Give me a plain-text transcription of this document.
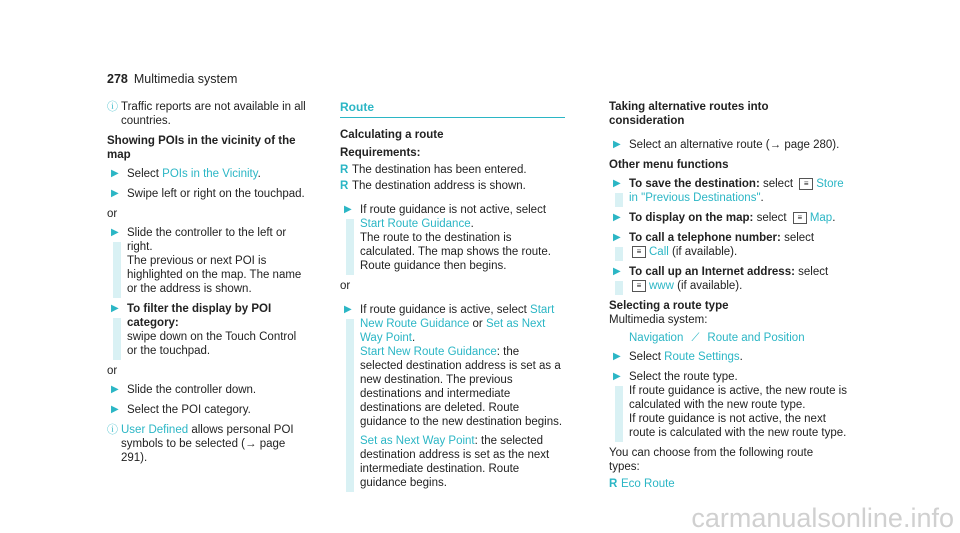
278 Multimedia system
ⓘ Traffic reports are not available in all countries.
Showing POIs in the vicinity of the map
▶ Select POIs in the Vicinity.
▶ Swipe left or right on the touchpad.
or
▶ Slide the controller to the left or right.
The previous or next POI is highlighted on the map. The name or the address is shown.
▶ To filter the display by POI category:
swipe down on the Touch Control or the touchpad.
or
▶ Slide the controller down.
▶ Select the POI category.
ⓘ User Defined allows personal POI symbols to be selected (→ page 291).
Route
Calculating a route
Requirements:
R The destination has been entered.
R The destination address is shown.
▶ If route guidance is not active, select Start Route Guidance.
The route to the destination is calculated. The map shows the route. Route guidance then begins.
or
▶ If route guidance is active, select Start New Route Guidance or Set as Next Way Point.
Start New Route Guidance: the selected destination address is set as a new destination. The previous destinations and intermediate destinations are deleted. Route guidance to the new destination begins.

Set as Next Way Point: the selected destination address is set as the next intermediate destination. Route guidance begins.
Taking alternative routes into consideration
▶ Select an alternative route (→ page 280).
Other menu functions
▶ To save the destination: select ≡ Store in "Previous Destinations".
▶ To display on the map: select ≡ Map.
▶ To call a telephone number: select
≡ Call (if available).
▶ To call up an Internet address: select
≡ www (if available).
Selecting a route type
Multimedia system:
Navigation ⟋ Route and Position
▶ Select Route Settings.
▶ Select the route type.
If route guidance is active, the new route is calculated with the new route type.
If route guidance is not active, the next route is calculated with the new route type.
You can choose from the following route types:
R Eco Route
carmanualsonline.info
